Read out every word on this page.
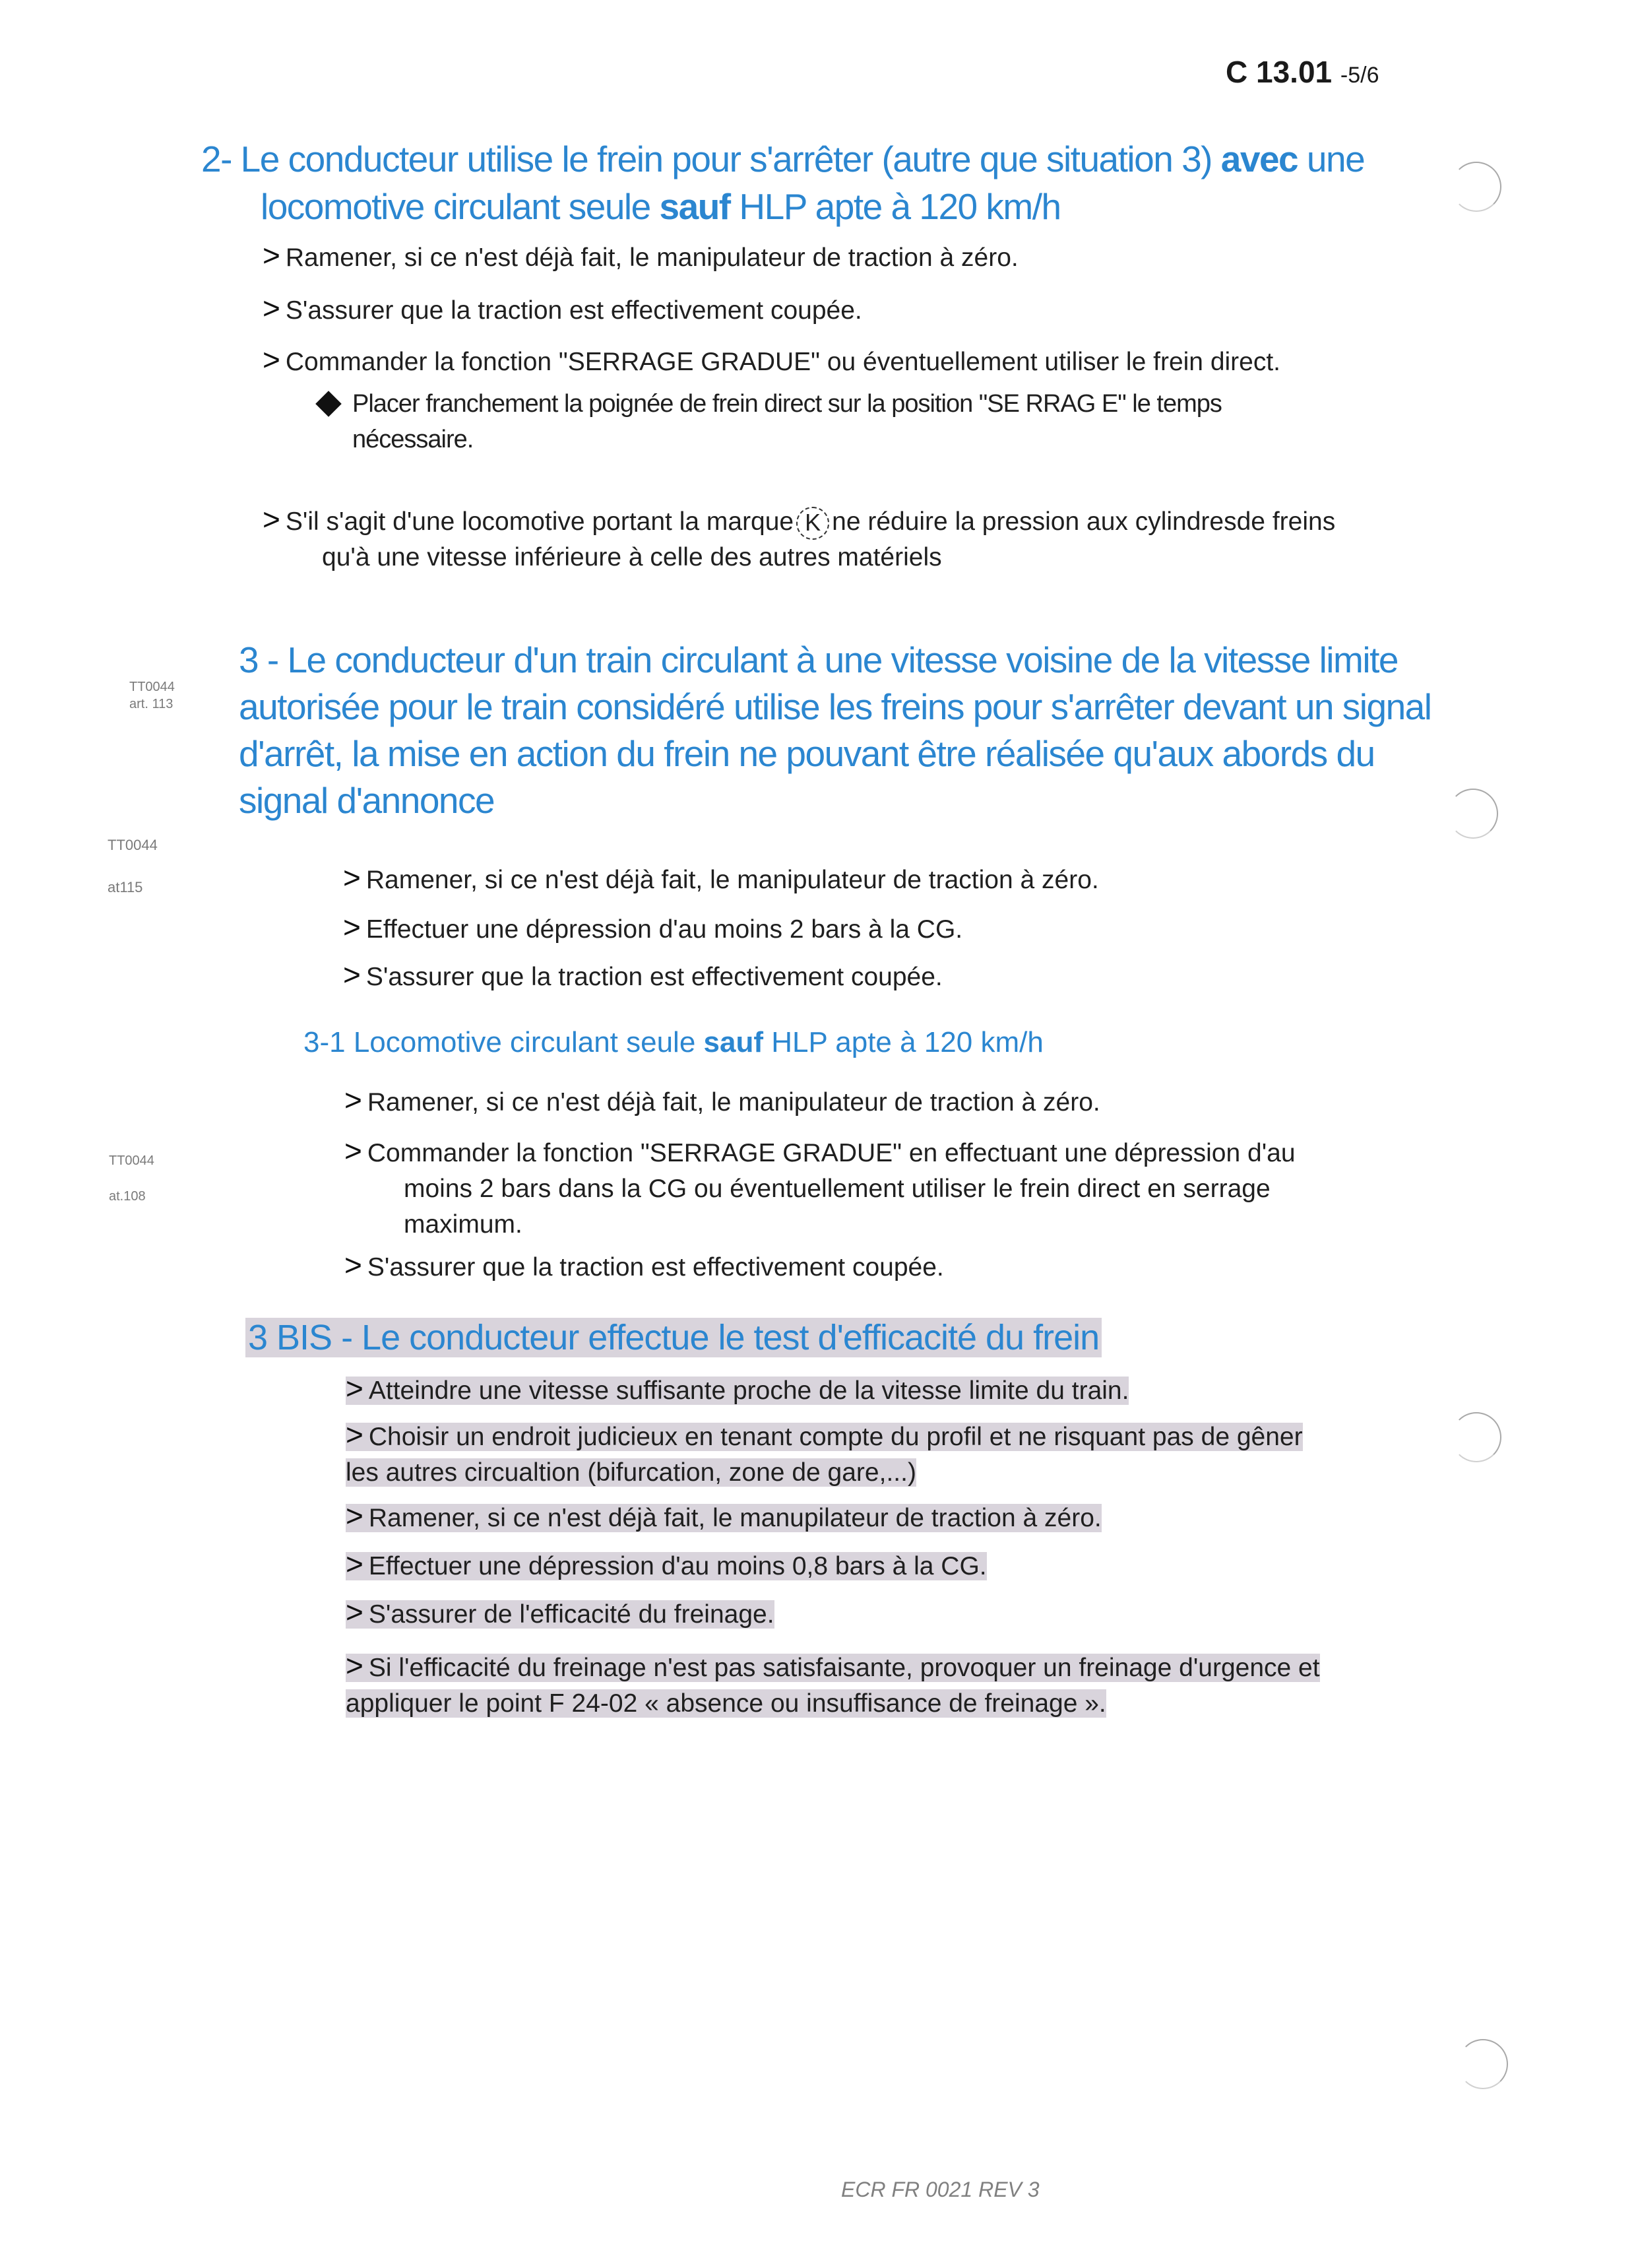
C 13.01 -5/6
2- Le conducteur utilise le frein pour s'arrêter (autre que situation 3) avec une
locomotive circulant seule sauf HLP apte à 120 km/h
> Ramener, si ce n'est déjà fait, le manipulateur de traction à zéro.
> S'assurer que la traction est effectivement coupée.
> Commander la fonction "SERRAGE GRADUE" ou éventuellement utiliser le frein direct.
Placer franchement la poignée de frein direct sur la position "SE RRAG E" le temps
nécessaire.
> S'il s'agit d'une locomotive portant la marque K ne réduire la pression aux cylindresde freins
qu'à une vitesse inférieure à celle des autres matériels
TT0044
art. 113
3 - Le conducteur d'un train circulant à une vitesse voisine de la vitesse limite
autorisée pour le train considéré utilise les freins pour s'arrêter devant un signal
d'arrêt, la mise en action du frein ne pouvant être réalisée qu'aux abords du
signal d'annonce
TT0044
at115	> Ramener, si ce n'est déjà fait, le manipulateur de traction à zéro.
> Effectuer une dépression d'au moins 2 bars à la CG.
> S'assurer que la traction est effectivement coupée.
3-1 Locomotive circulant seule sauf HLP apte à 120 km/h
> Ramener, si ce n'est déjà fait, le manipulateur de traction à zéro.
TT0044
at.108
> Commander la fonction "SERRAGE GRADUE" en effectuant une dépression d'au
moins 2 bars dans la CG ou éventuellement utiliser le frein direct en serrage
maximum.
> S'assurer que la traction est effectivement coupée.
3 BIS - Le conducteur effectue le test d'efficacité du frein
> Atteindre une vitesse suffisante proche de la vitesse limite du train.
> Choisir un endroit judicieux en tenant compte du profil et ne risquant pas de gêner
les autres circualtion (bifurcation, zone de gare,...)
> Ramener, si ce n'est déjà fait, le manupilateur de traction à zéro.
> Effectuer une dépression d'au moins 0,8 bars à la CG.
> S'assurer de l'efficacité du freinage.
> Si l'efficacité du freinage n'est pas satisfaisante, provoquer un freinage d'urgence et
appliquer le point F 24-02 « absence ou insuffisance de freinage ».
ECR FR 0021 REV 3
